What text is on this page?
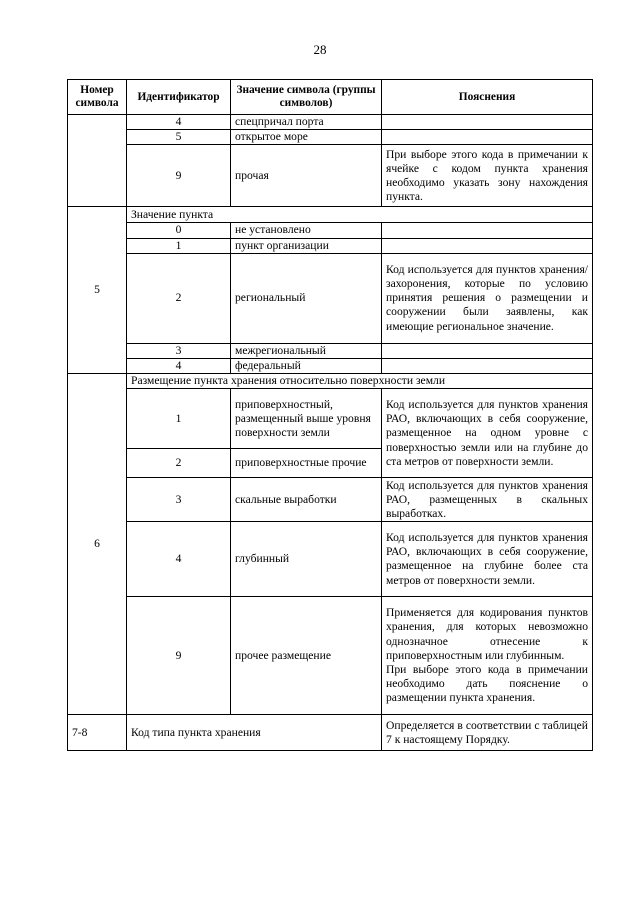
28
Номер символа	Идентификатор	Значение символа (группы символов)	Пояснения
	4	спецпричал порта	
	5	открытое море	
	9	прочая	При выборе этого кода в примечании к ячейке с кодом пункта хранения необходимо указать зону нахождения пункта.
5	Значение пункта		
	0	не установлено	
	1	пункт организации	
	2	региональный	Код используется для пунктов хранения/захоронения, которые по условию принятия решения о размещении и сооружении были заявлены, как имеющие региональное значение.
	3	межрегиональный	
	4	федеральный	
6	Размещение пункта хранения относительно поверхности земли		
	1	приповерхностный, размещенный выше уровня поверхности земли	Код используется для пунктов хранения РАО, включающих в себя сооружение, размещенное на одном уровне с поверхностью земли или на глубине до ста метров от поверхности земли.
	2	приповерхностные прочие	
	3	скальные выработки	Код используется для пунктов хранения РАО, размещенных в скальных выработках.
	4	глубинный	Код используется для пунктов хранения РАО, включающих в себя сооружение, размещенное на глубине более ста метров от поверхности земли.
	9	прочее размещение	Применяется для кодирования пунктов хранения, для которых невозможно однозначное отнесение к приповерхностным или глубинным.
При выборе этого кода в примечании необходимо дать пояснение о размещении пункта хранения.

7-8	Код типа пункта хранения		Определяется в соответствии с таблицей 7 к настоящему Порядку.
